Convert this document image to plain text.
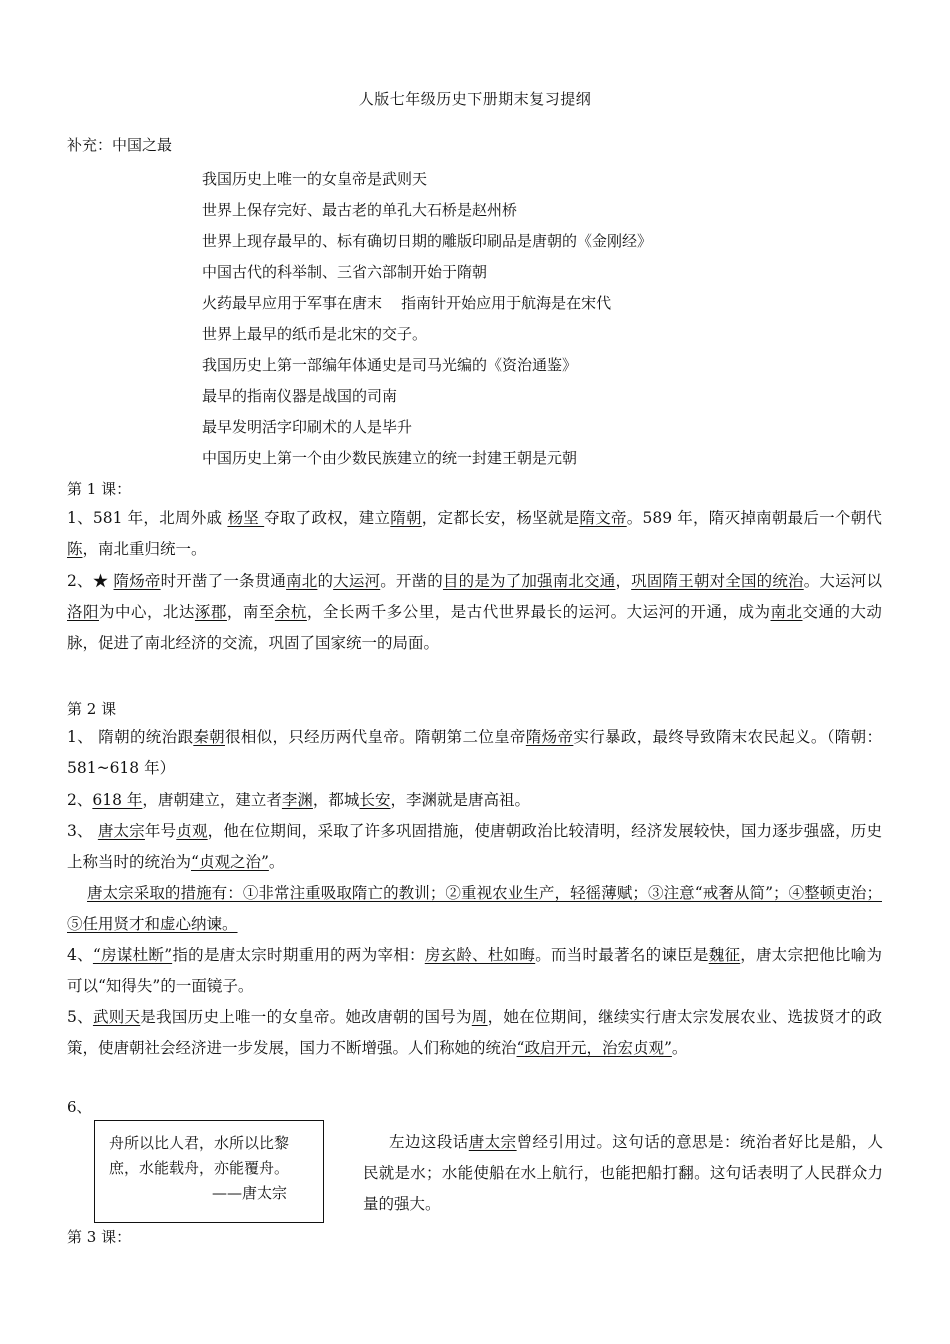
人版七年级历史下册期末复习提纲
补充：中国之最
我国历史上唯一的女皇帝是武则天
世界上保存完好、最古老的单孔大石桥是赵州桥
世界上现存最早的、标有确切日期的雕版印刷品是唐朝的《金刚经》
中国古代的科举制、三省六部制开始于隋朝
火药最早应用于军事在唐末    指南针开始应用于航海是在宋代
世界上最早的纸币是北宋的交子。
我国历史上第一部编年体通史是司马光编的《资治通鉴》
最早的指南仪器是战国的司南
最早发明活字印刷术的人是毕升
中国历史上第一个由少数民族建立的统一封建王朝是元朝
第 1 课：
1、581 年，北周外戚 杨坚 夺取了政权，建立隋朝，定都长安，杨坚就是隋文帝。589 年，隋灭掉南朝最后一个朝代陈，南北重归统一。
2、★ 隋炀帝时开凿了一条贯通南北的大运河。开凿的目的是为了加强南北交通，巩固隋王朝对全国的统治。大运河以洛阳为中心，北达涿郡，南至余杭，全长两千多公里，是古代世界最长的运河。大运河的开通，成为南北交通的大动脉，促进了南北经济的交流，巩固了国家统一的局面。
第 2 课
1、 隋朝的统治跟秦朝很相似，只经历两代皇帝。隋朝第二位皇帝隋炀帝实行暴政，最终导致隋末农民起义。（隋朝：581~618 年）
2、618 年，唐朝建立，建立者李渊，都城长安，李渊就是唐高祖。
3、 唐太宗年号贞观，他在位期间，采取了许多巩固措施，使唐朝政治比较清明，经济发展较快，国力逐步强盛，历史上称当时的统治为“贞观之治”。
唐太宗采取的措施有：①非常注重吸取隋亡的教训；②重视农业生产，轻徭薄赋；③注意“戒奢从简”；④整顿吏治；⑤任用贤才和虚心纳谏。
4、“房谋杜断”指的是唐太宗时期重用的两为宰相：房玄龄、杜如晦。而当时最著名的谏臣是魏征，唐太宗把他比喻为可以“知得失”的一面镜子。
5、武则天是我国历史上唯一的女皇帝。她改唐朝的国号为周，她在位期间，继续实行唐太宗发展农业、选拔贤才的政策，使唐朝社会经济进一步发展，国力不断增强。人们称她的统治“政启开元，治宏贞观”。
6、
舟所以比人君，水所以比黎庶，水能载舟，亦能覆舟。
——唐太宗
左边这段话唐太宗曾经引用过。这句话的意思是：统治者好比是船，人民就是水；水能使船在水上航行，也能把船打翻。这句话表明了人民群众力量的强大。
第 3 课：
